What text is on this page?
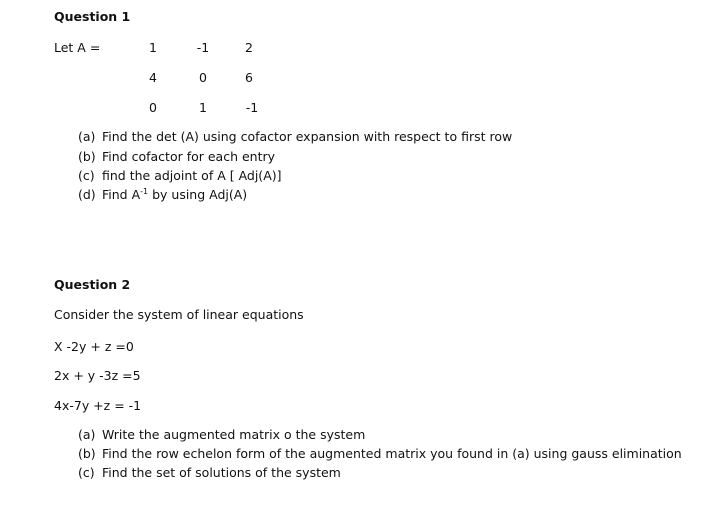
Question 1
Let A =	1	-1	2
4	0	6
0	1	-1
(a) Find the det (A) using cofactor expansion with respect to first row
(b) Find cofactor for each entry
(c) find the adjoint of A [ Adj(A)]
(d) Find $A^{-1}$ by using Adj(A)
Question 2
Consider the system of linear equations
X -2y + z =0
2x + y -3z =5
4x-7y +z = -1
(a) Write the augmented matrix o the system
(b) Find the row echelon form of the augmented matrix you found in (a) using gauss elimination
(c) Find the set of solutions of the system
